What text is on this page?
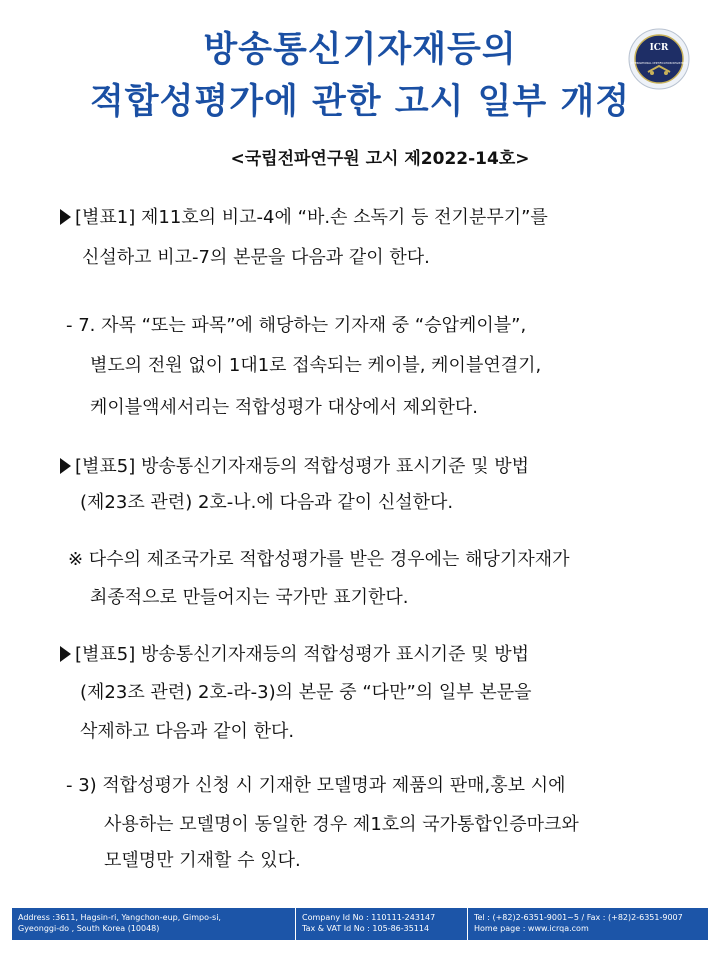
방송통신기자재등의
적합성평가에 관한 고시 일부 개정
ICR
INTERNATIONAL CERTIFICATION REGISTRAR
<국립전파연구원 고시 제2022-14호>
[별표1] 제11호의 비고-4에 “바.손 소독기 등 전기분무기”를
신설하고 비고-7의 본문을 다음과 같이 한다.
- 7. 자목 “또는 파목”에 해당하는 기자재 중 “승압케이블”,
별도의 전원 없이 1대1로 접속되는 케이블, 케이블연결기,
케이블액세서리는 적합성평가 대상에서 제외한다.
[별표5] 방송통신기자재등의 적합성평가 표시기준 및 방법
(제23조 관련) 2호-나.에 다음과 같이 신설한다.
※ 다수의 제조국가로 적합성평가를 받은 경우에는 해당기자재가
최종적으로 만들어지는 국가만 표기한다.
[별표5] 방송통신기자재등의 적합성평가 표시기준 및 방법
(제23조 관련) 2호-라-3)의 본문 중 “다만”의 일부 본문을
삭제하고 다음과 같이 한다.
- 3) 적합성평가 신청 시 기재한 모델명과 제품의 판매,홍보 시에
사용하는 모델명이 동일한 경우 제1호의 국가통합인증마크와
모델명만 기재할 수 있다.
Address :3611, Hagsin-ri, Yangchon-eup, Gimpo-si,
Gyeonggi-do , South Korea (10048)
Company Id No : 110111-243147
Tax & VAT Id No : 105-86-35114
Tel : (+82)2-6351-9001~5 / Fax : (+82)2-6351-9007
Home page : www.icrqa.com
